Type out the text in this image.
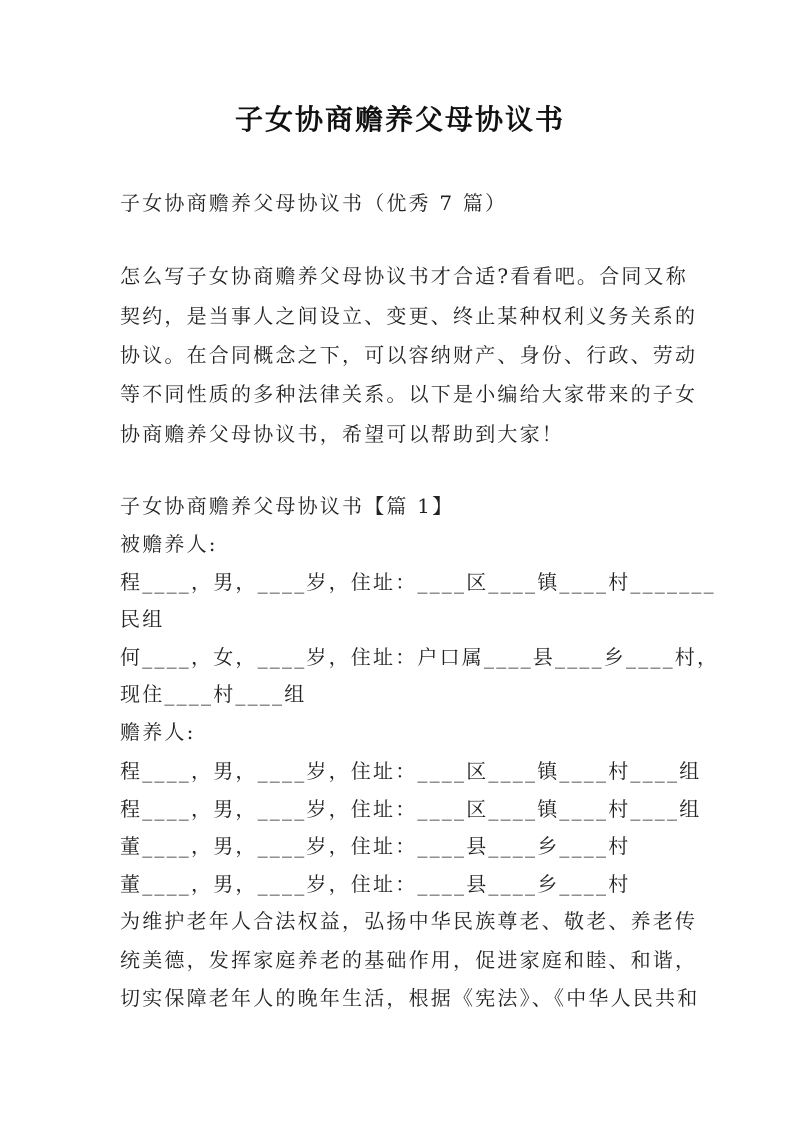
子女协商赡养父母协议书
子女协商赡养父母协议书（优秀 7 篇）
怎么写子女协商赡养父母协议书才合适?看看吧。合同又称
契约，是当事人之间设立、变更、终止某种权利义务关系的
协议。在合同概念之下，可以容纳财产、身份、行政、劳动
等不同性质的多种法律关系。以下是小编给大家带来的子女
协商赡养父母协议书，希望可以帮助到大家！
子女协商赡养父母协议书【篇 1】
被赡养人:
程____，男，____岁，住址：____区____镇____村_______
民组
何____，女，____岁，住址：户口属____县____乡____村，
现住____村____组
赡养人:
程____，男，____岁，住址：____区____镇____村____组
程____，男，____岁，住址：____区____镇____村____组
董____，男，____岁，住址：____县____乡____村
董____，男，____岁，住址：____县____乡____村
为维护老年人合法权益，弘扬中华民族尊老、敬老、养老传
统美德，发挥家庭养老的基础作用，促进家庭和睦、和谐，
切实保障老年人的晚年生活，根据《宪法》、《中华人民共和
